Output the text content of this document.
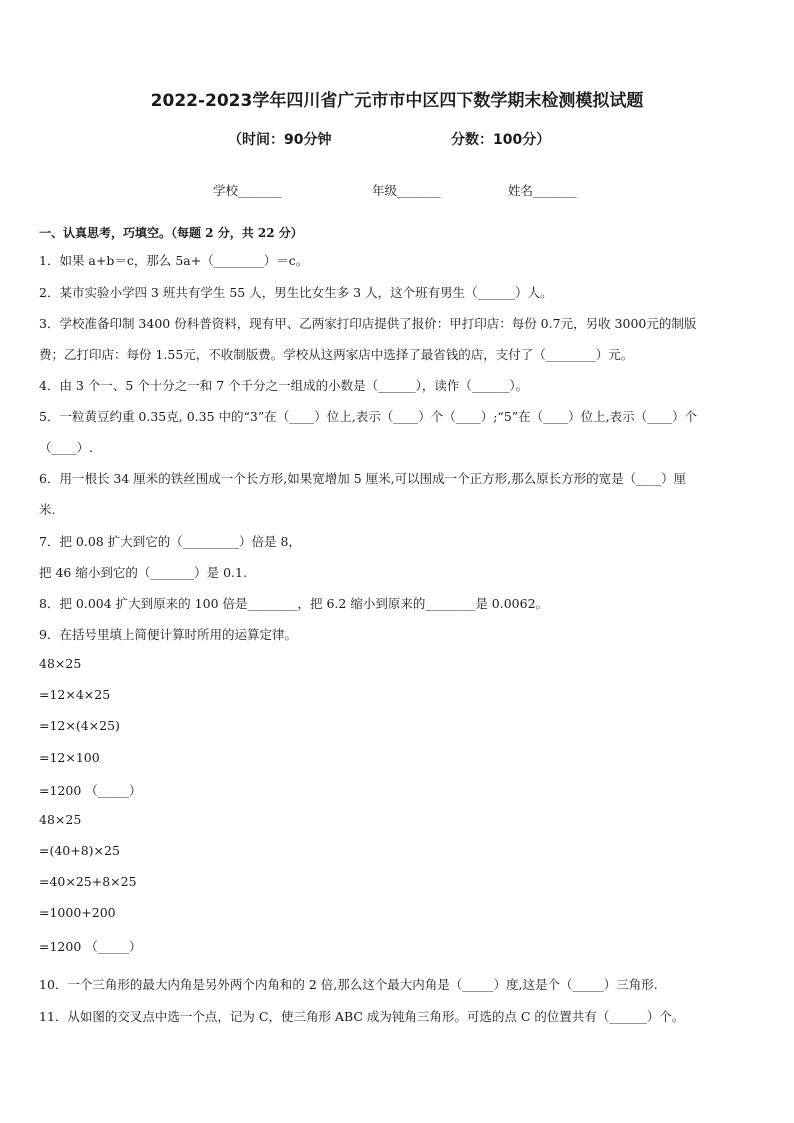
2022-2023学年四川省广元市市中区四下数学期末检测模拟试题
（时间：90分钟	分数：100分）
学校_______	年级_______	姓名_______
一、认真思考，巧填空。（每题 2 分，共 22 分）
1．如果 a+b＝c，那么 5a+（________）＝c。
2．某市实验小学四 3 班共有学生 55 人，男生比女生多 3 人，这个班有男生（______）人。
3．学校准备印制 3400 份科普资料，现有甲、乙两家打印店提供了报价：甲打印店：每份 0.7元，另收 3000元的制版
费；乙打印店：每份 1.55元，不收制版费。学校从这两家店中选择了最省钱的店，支付了（________）元。
4．由 3 个一、5 个十分之一和 7 个千分之一组成的小数是（______），读作（______）。
5．一粒黄豆约重 0.35克, 0.35 中的“3”在（____）位上,表示（____）个（____）;“5”在（____）位上,表示（____）个
（____）.
6．用一根长 34 厘米的铁丝围成一个长方形,如果宽增加 5 厘米,可以围成一个正方形,那么原长方形的宽是（____）厘
米.
7．把 0.08 扩大到它的（_________）倍是 8，
把 46 缩小到它的（_______）是 0.1.
8．把 0.004 扩大到原来的 100 倍是________，把 6.2 缩小到原来的________是 0.0062。
9．在括号里填上简便计算时所用的运算定律。
48×25
=12×4×25
=12×(4×25)
=12×100
=1200 （_____）
48×25
=(40+8)×25
=40×25+8×25
=1000+200
=1200 （_____）
10．一个三角形的最大内角是另外两个内角和的 2 倍,那么这个最大内角是（_____）度,这是个（_____）三角形.
11．从如图的交叉点中选一个点，记为 C，使三角形 ABC 成为钝角三角形。可选的点 C 的位置共有（______）个。
